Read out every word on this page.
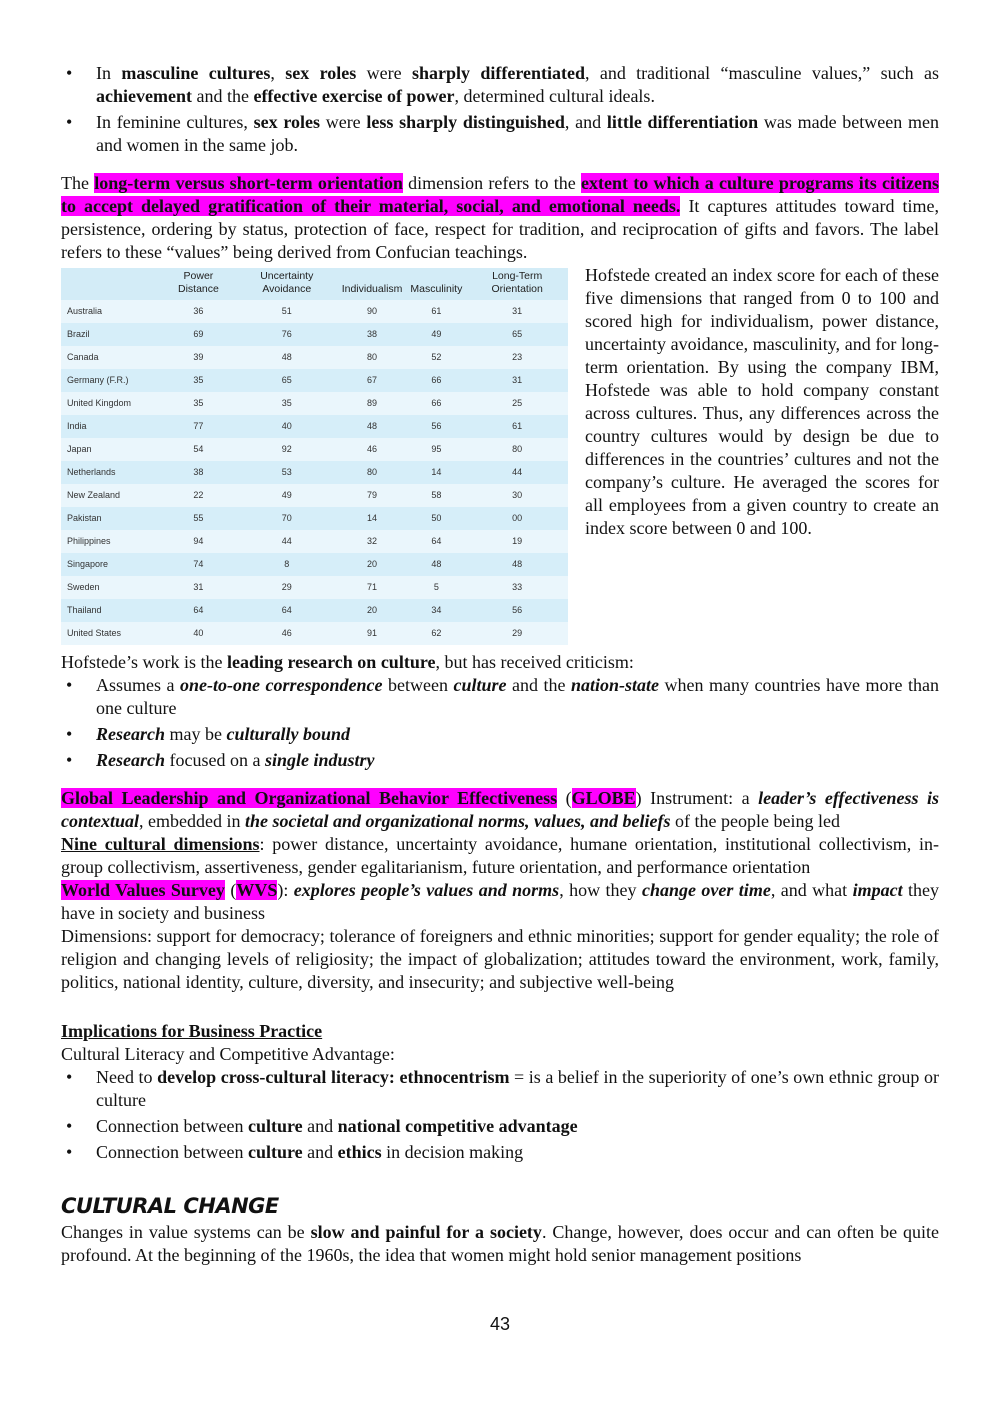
• In masculine cultures, sex roles were sharply differentiated, and traditional “masculine values,” such as achievement and the effective exercise of power, determined cultural ideals.
• In feminine cultures, sex roles were less sharply distinguished, and little differentiation was made between men and women in the same job.

The long-term versus short-term orientation dimension refers to the extent to which a culture programs its citizens to accept delayed gratification of their material, social, and emotional needs. It captures attitudes toward time, persistence, ordering by status, protection of face, respect for tradition, and reciprocation of gifts and favors. The label refers to these “values” being derived from Confucian teachings.

	Power Distance	Uncertainty Avoidance	Individualism	Masculinity	Long-Term Orientation
Australia	36	51	90	61	31
Brazil	69	76	38	49	65
Canada	39	48	80	52	23
Germany (F.R.)	35	65	67	66	31
United Kingdom	35	35	89	66	25
India	77	40	48	56	61
Japan	54	92	46	95	80
Netherlands	38	53	80	14	44
New Zealand	22	49	79	58	30
Pakistan	55	70	14	50	00
Philippines	94	44	32	64	19
Singapore	74	8	20	48	48
Sweden	31	29	71	5	33
Thailand	64	64	20	34	56
United States	40	46	91	62	29

Hofstede created an index score for each of these five dimensions that ranged from 0 to 100 and scored high for individualism, power distance, uncertainty avoidance, masculinity, and for long-term orientation. By using the company IBM, Hofstede was able to hold company constant across cultures. Thus, any differences across the country cultures would by design be due to differences in the countries’ cultures and not the company’s culture. He averaged the scores for all employees from a given country to create an index score between 0 and 100.

Hofstede’s work is the leading research on culture, but has received criticism:

• Assumes a one-to-one correspondence between culture and the nation-state when many countries have more than one culture
• Research may be culturally bound
• Research focused on a single industry

Global Leadership and Organizational Behavior Effectiveness (GLOBE) Instrument: a leader’s effectiveness is contextual, embedded in the societal and organizational norms, values, and beliefs of the people being led

Nine cultural dimensions: power distance, uncertainty avoidance, humane orientation, institutional collectivism, in-group collectivism, assertiveness, gender egalitarianism, future orientation, and performance orientation

World Values Survey (WVS): explores people’s values and norms, how they change over time, and what impact they have in society and business

Dimensions: support for democracy; tolerance of foreigners and ethnic minorities; support for gender equality; the role of religion and changing levels of religiosity; the impact of globalization; attitudes toward the environment, work, family, politics, national identity, culture, diversity, and insecurity; and subjective well-being

Implications for Business Practice

Cultural Literacy and Competitive Advantage:

• Need to develop cross-cultural literacy: ethnocentrism = is a belief in the superiority of one’s own ethnic group or culture
• Connection between culture and national competitive advantage
• Connection between culture and ethics in decision making

CULTURAL CHANGE

Changes in value systems can be slow and painful for a society. Change, however, does occur and can often be quite profound. At the beginning of the 1960s, the idea that women might hold senior management positions

43
